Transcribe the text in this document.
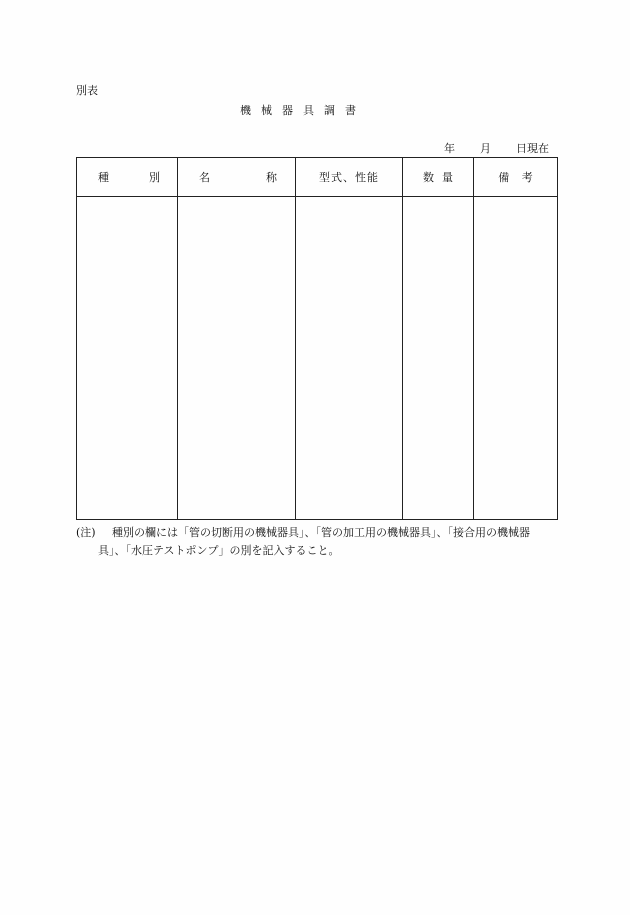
別表
機械器具調書
年 月 日現在
種 別	名 称	型式、性能	数 量	備 考

(注) 種別の欄には「管の切断用の機械器具」、「管の加工用の機械器具」、「接合用の機械器
具」、「水圧テストポンプ」の別を記入すること。
